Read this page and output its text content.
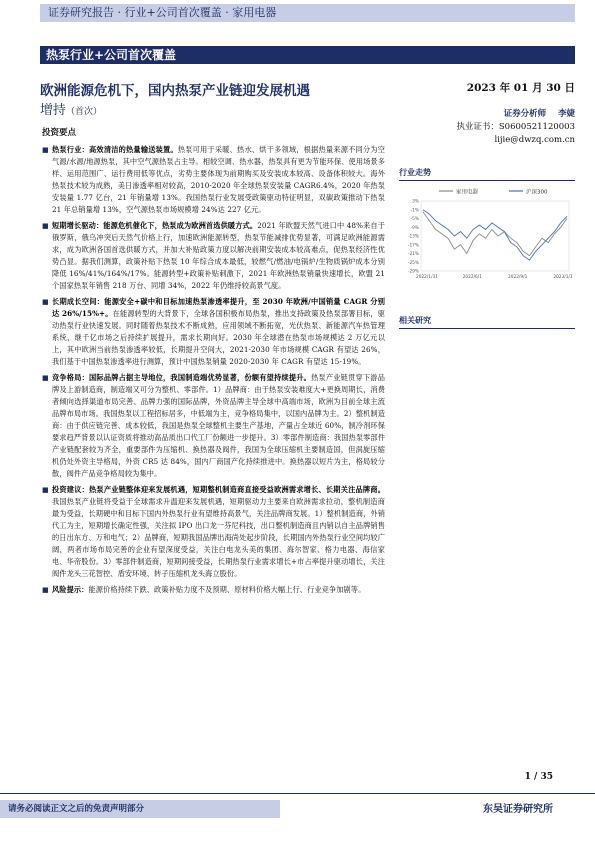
证券研究报告 · 行业+公司首次覆盖 · 家用电器
热泵行业+公司首次覆盖
欧洲能源危机下，国内热泵产业链迎发展机遇
增持（首次）
2023 年 01 月 30 日
投资要点
■ 热泵行业：高效清洁的热量输送装置。热泵可用于采暖、热水、烘干多领域，根据热量来源不同分为空气源/水源/地源热泵，其中空气源热泵占主导。相较空调、热水器，热泵具有更为节能环保、使用场景多样、运用范围广、运行费用低等优点，劣势主要体现为前期购买及安装成本较高、设备体积较大。海外热泵技术较为成熟，美日渗透率相对较高，2010-2020 年全球热泵安装量 CAGR6.4%，2020 年热泵安装量 1.77 亿台，21 年销量增 13%。我国热泵行业发展受政策驱动特征明显，双碳政策推动下热泵 21 年总销量增 13%，空气源热泵市场规模增 24%达 227 亿元。
■ 短期增长驱动：能源危机催化下，热泵成为欧洲首选供暖方式。2021 年欧盟天然气进口中 48%来自于俄罗斯，俄乌冲突后天然气价格上行，加速欧洲能源转型，热泵节能减排优势显著，可满足欧洲能源需求，成为欧洲各国首选供暖方式，并加大补贴政策力度以解决前期安装成本较高难点，促热泵经济性优势凸显。据我们测算，政策补贴下热泵 10 年综合成本最低，较燃气/燃油/电锅炉/生物质锅炉成本分别降低 16%/41%/164%/17%。能源转型+政策补贴刺激下，2021 年欧洲热泵销量快速增长，欧盟 21 个国家热泵年销售 218 万台、同增 34%，2022 年仍维持较高景气度。
■ 长期成长空间：能源安全+碳中和目标加速热泵渗透率提升，至 2030 年欧洲/中国销量 CAGR 分别达 26%/15%+。在能源转型的大背景下，全球各国积极布局热泵，推出支持政策及热泵部署目标，驱动热泵行业快速发展。同时随着热泵技术不断成熟，应用领域不断拓宽，光伏热泵、新能源汽车热管理系统，继千亿市场之后持续扩展提升，需求长期向好。2030 年全球潜在热泵市场规模达 2 万亿元以上，其中欧洲当前热泵渗透率较低，长期提升空间大，2021-2030 年市场规模 CAGR 有望达 26%，我们基于中国热泵渗透率进行测算，预计中国热泵销量 2020-2030 年 CAGR 有望达 15-19%。
■ 竞争格局：国际品牌占据主导地位，我国制造端优势显著，份额有望持续提升。热泵产业链贯穿下游品牌及上游制造商，制造端又可分为整机、零部件。1）品牌商：由于热泵安装难度大+更换周期长，消费者倾向选择渠道布局完善、品牌力强的国际品牌，外资品牌主导全球中高端市场，欧洲为目前全球主流品牌布局市场。我国热泵以工程招标居多，中低端为主，竞争格局集中，以国内品牌为主。2）整机制造商：由于供应链完善、成本较低，我国是热泵全球整机主要生产基地，产量占全球近 60%，制冷剂环保要求趋严背景以认证资质将推动高品质出口代工厂份额进一步提升。3）零部件制造商：我国热泵零部件产业链配套较为齐全，重要部件为压缩机、换热器及阀件，我国为全球压缩机主要制造国，但涡旋压缩机仍处外资主导格局，外资 CR5 达 84%，国内厂商国产化持续推进中。换热器以短片为主，格局较分散，阀件产品竞争格局较为集中。
■ 投资建议：热泵产业链整体迎来发展机遇，短期整机制造商直接受益欧洲需求增长、长期关注品牌商。我国热泵产业链将受益于全球需求升温迎来发展机遇，短期驱动力主要来自欧洲需求拉动，整机制造商最为受益，长期硬中和目标下国内外热泵行业有望维持高景气，关注品牌商发展。1）整机制造商，外销代工为主，短期增长确定性强，关注拟 IPO 出口龙一芬尼科技，出口整机制造商且内销以自主品牌销售的日出东方、万和电气；2）品牌商，短期我国品牌出海尚处起步阶段，长期国内外热泵行业空间均较广阔，两者市场布局完善的企业有望深度受益，关注白电龙头美的集团、海尔智家、格力电器、海信家电、华帝股份。3）零部件制造商，短期间接受益，长期热泵行业需求增长+市占率提升驱动增长，关注阀件龙头三花智控、盾安环境、转子压缩机龙头海立股份。
■ 风险提示：能源价格持续下跌、政策补贴力度不及预期、原材料价格大幅上行、行业竞争加剧等。
证券分析师 李婕
执业证书：S0600521120003
lijie@dwzq.com.cn
行业走势
家用电器	沪深300
3%
-1%
-5%
-9%
-13%
-17%
-21%
-25%
-29%
2022/1/31	2022/6/1	2022/9/1	2023/1/1
相关研究
1 / 35
请务必阅读正文之后的免责声明部分	东吴证券研究所
